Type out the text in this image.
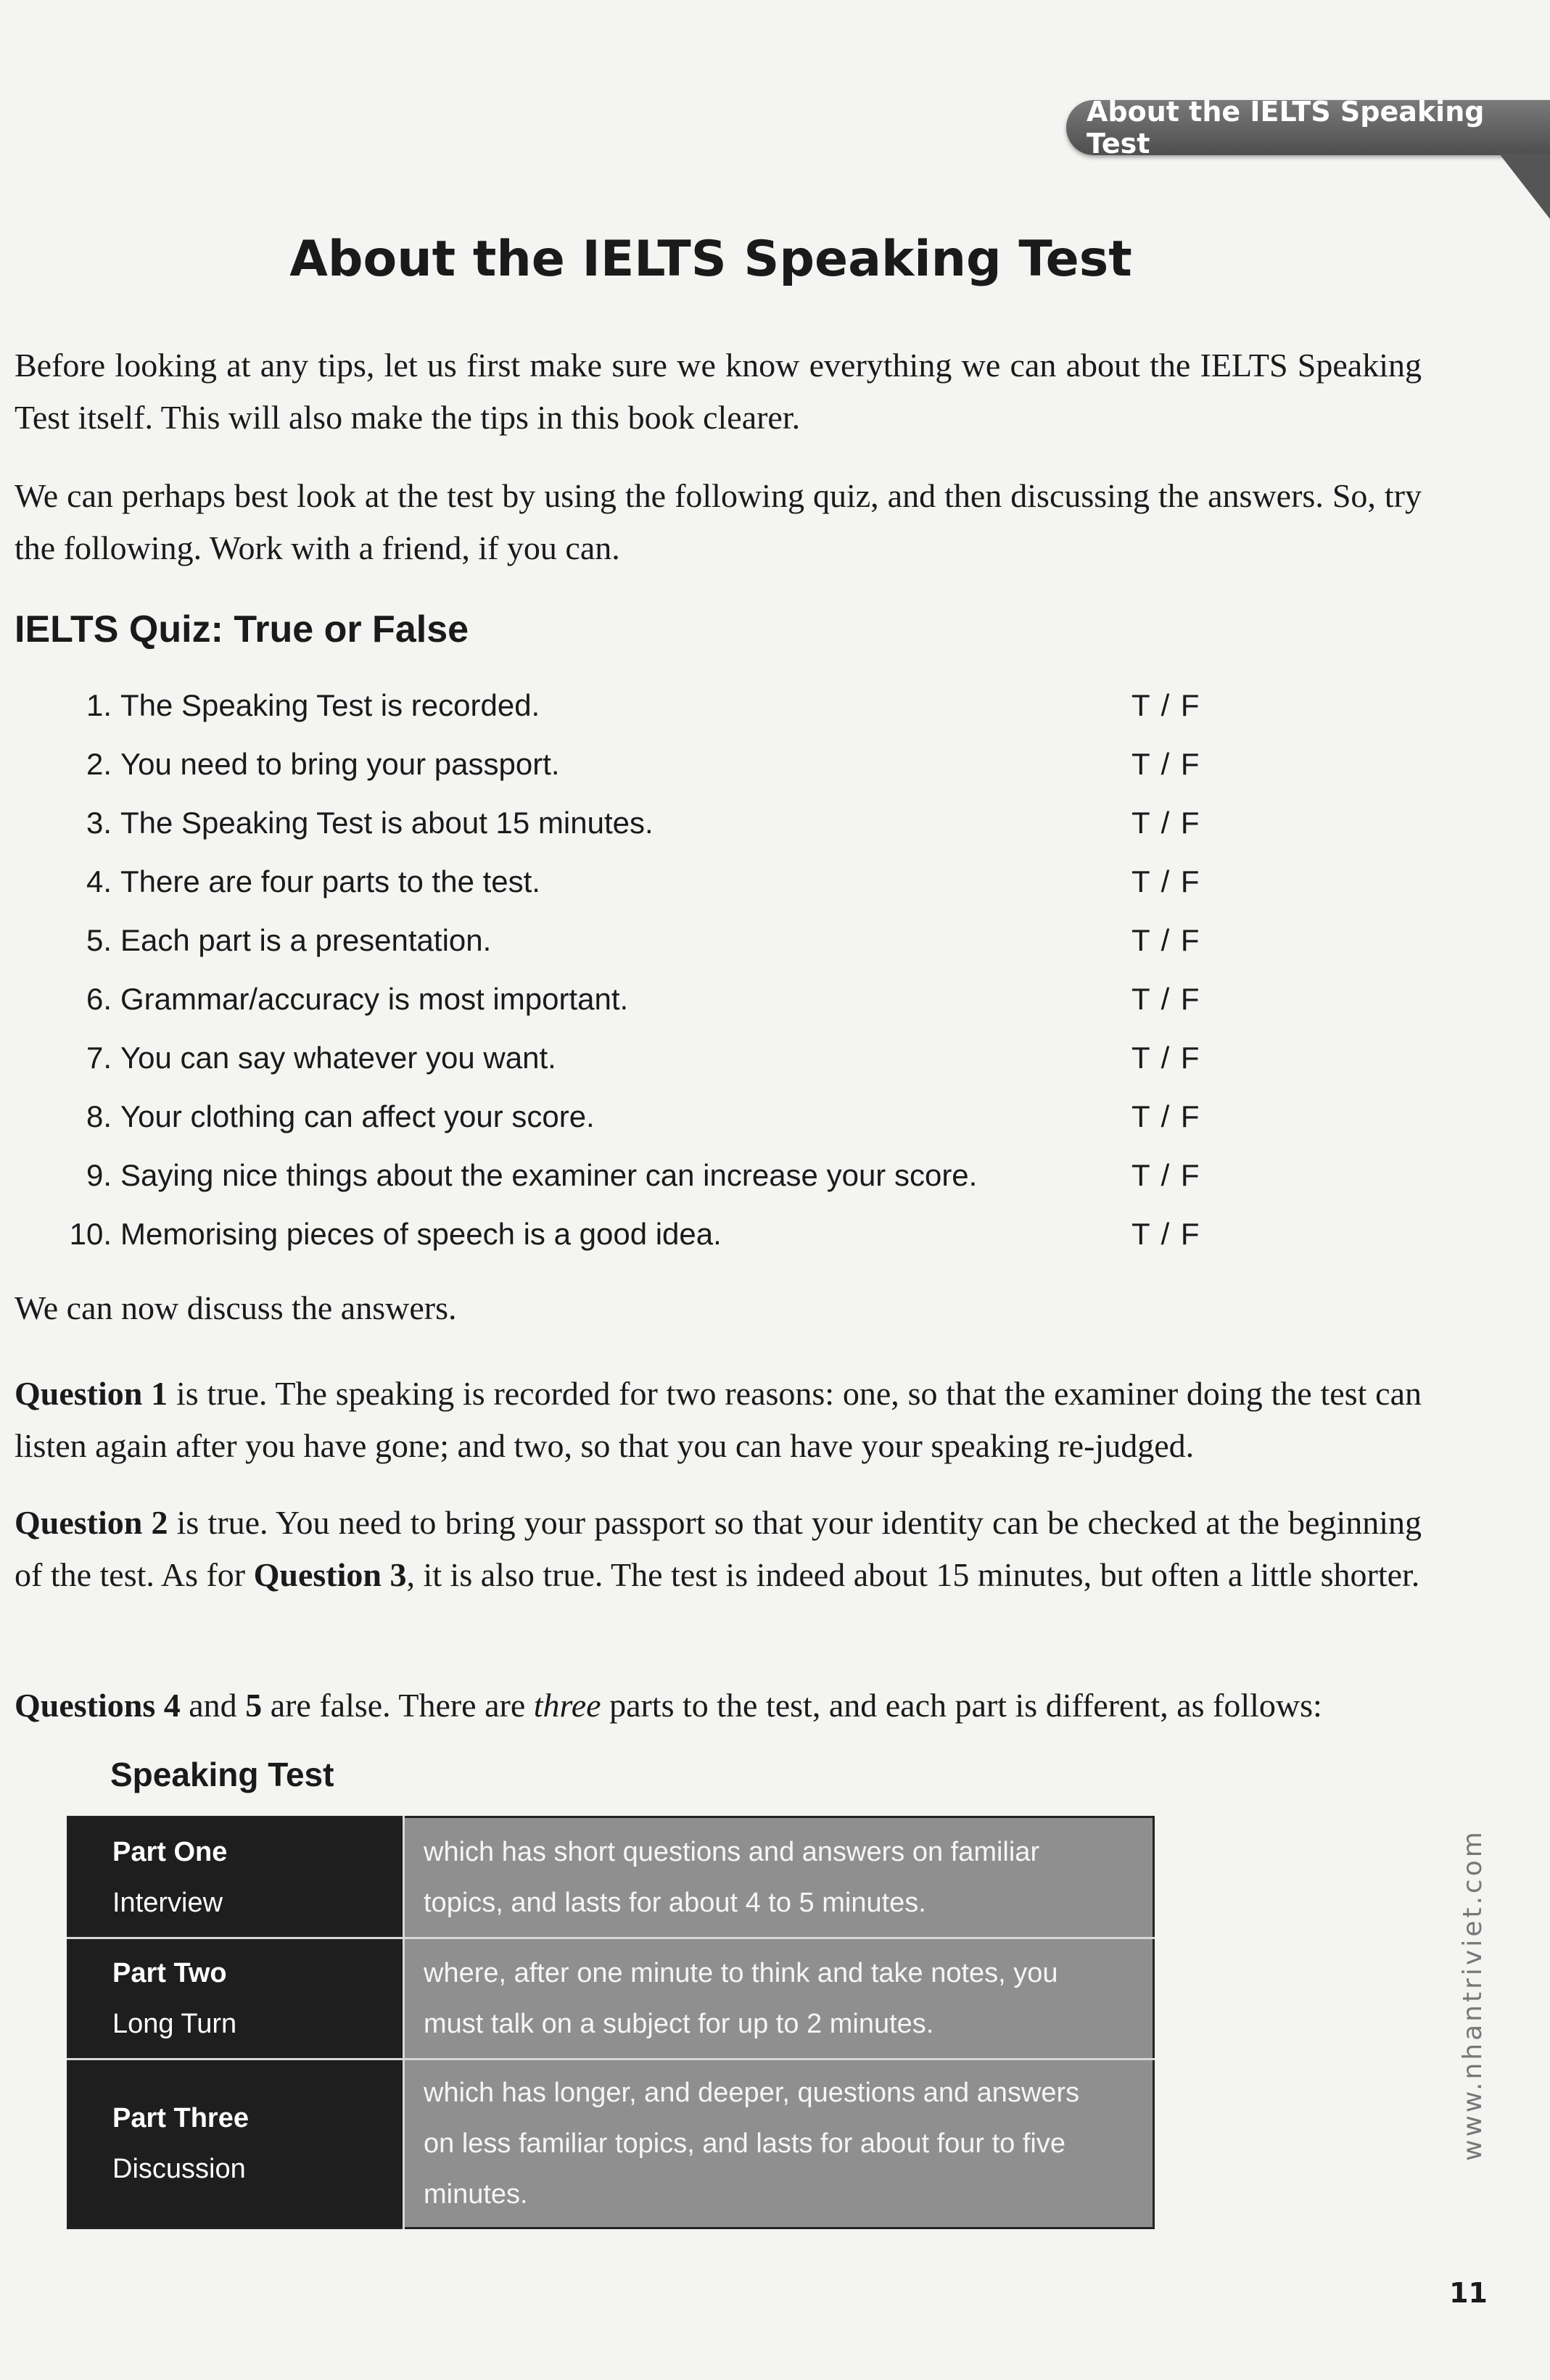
About the IELTS Speaking Test
About the IELTS Speaking Test

Before looking at any tips, let us first make sure we know everything we can about the IELTS Speaking Test itself. This will also make the tips in this book clearer.

We can perhaps best look at the test by using the following quiz, and then discussing the answers. So, try the following. Work with a friend, if you can.

IELTS Quiz: True or False
1. The Speaking Test is recorded.	T / F
2. You need to bring your passport.	T / F
3. The Speaking Test is about 15 minutes.	T / F
4. There are four parts to the test.	T / F
5. Each part is a presentation.	T / F
6. Grammar/accuracy is most important.	T / F
7. You can say whatever you want.	T / F
8. Your clothing can affect your score.	T / F
9. Saying nice things about the examiner can increase your score.	T / F
10. Memorising pieces of speech is a good idea.	T / F

We can now discuss the answers.

Question 1 is true. The speaking is recorded for two reasons: one, so that the examiner doing the test can listen again after you have gone; and two, so that you can have your speaking re-judged.

Question 2 is true. You need to bring your passport so that your identity can be checked at the beginning of the test. As for Question 3, it is also true. The test is indeed about 15 minutes, but often a little shorter.

Questions 4 and 5 are false. There are three parts to the test, and each part is different, as follows:

Speaking Test
Part One
Interview	which has short questions and answers on familiar topics, and lasts for about 4 to 5 minutes.

Part Two
Long Turn	where, after one minute to think and take notes, you must talk on a subject for up to 2 minutes.

Part Three
Discussion	which has longer, and deeper, questions and answers on less familiar topics, and lasts for about four to five minutes.
www.nhantriviet.com
11
